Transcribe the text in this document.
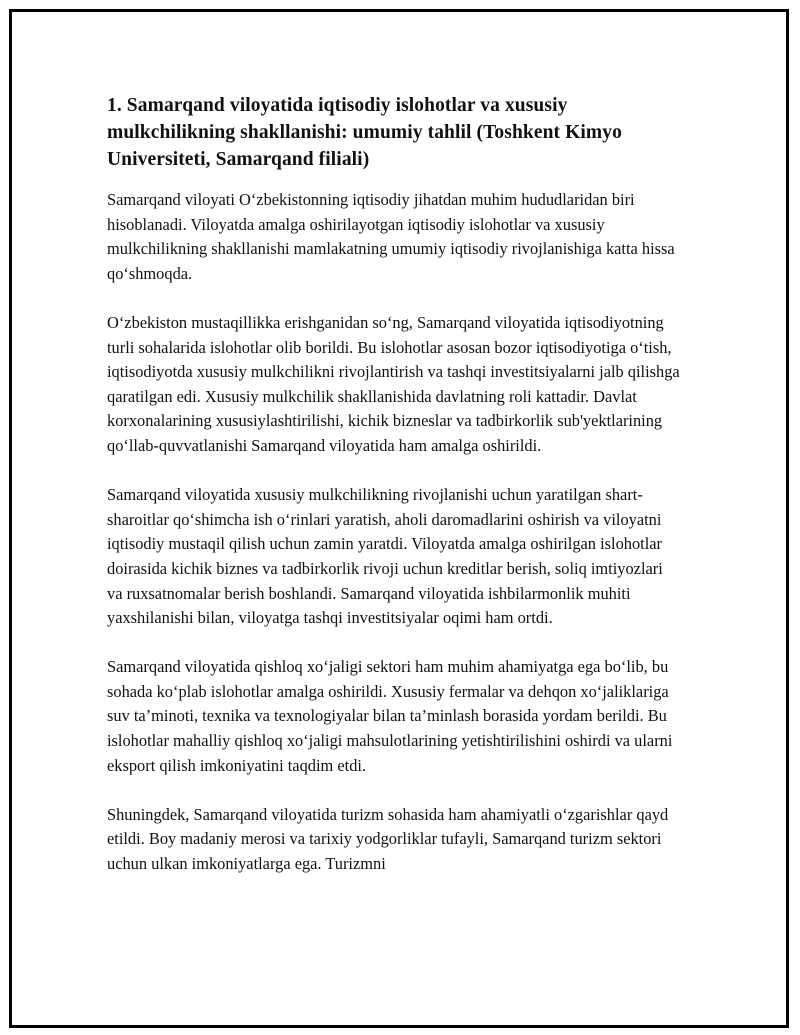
1. Samarqand viloyatida iqtisodiy islohotlar va xususiy mulkchilikning shakllanishi: umumiy tahlil (Toshkent Kimyo Universiteti, Samarqand filiali)

Samarqand viloyati O‘zbekistonning iqtisodiy jihatdan muhim hududlaridan biri hisoblanadi. Viloyatda amalga oshirilayotgan iqtisodiy islohotlar va xususiy mulkchilikning shakllanishi mamlakatning umumiy iqtisodiy rivojlanishiga katta hissa qo‘shmoqda.

O‘zbekiston mustaqillikka erishganidan so‘ng, Samarqand viloyatida iqtisodiyotning turli sohalarida islohotlar olib borildi. Bu islohotlar asosan bozor iqtisodiyotiga o‘tish, iqtisodiyotda xususiy mulkchilikni rivojlantirish va tashqi investitsiyalarni jalb qilishga qaratilgan edi. Xususiy mulkchilik shakllanishida davlatning roli kattadir. Davlat korxonalarining xususiylashtirilishi, kichik bizneslar va tadbirkorlik sub'yektlarining qo‘llab-quvvatlanishi Samarqand viloyatida ham amalga oshirildi.

Samarqand viloyatida xususiy mulkchilikning rivojlanishi uchun yaratilgan shart-sharoitlar qo‘shimcha ish o‘rinlari yaratish, aholi daromadlarini oshirish va viloyatni iqtisodiy mustaqil qilish uchun zamin yaratdi. Viloyatda amalga oshirilgan islohotlar doirasida kichik biznes va tadbirkorlik rivoji uchun kreditlar berish, soliq imtiyozlari va ruxsatnomalar berish boshlandi. Samarqand viloyatida ishbilarmonlik muhiti yaxshilanishi bilan, viloyatga tashqi investitsiyalar oqimi ham ortdi.

Samarqand viloyatida qishloq xo‘jaligi sektori ham muhim ahamiyatga ega bo‘lib, bu sohada ko‘plab islohotlar amalga oshirildi. Xususiy fermalar va dehqon xo‘jaliklariga suv ta’minoti, texnika va texnologiyalar bilan ta’minlash borasida yordam berildi. Bu islohotlar mahalliy qishloq xo‘jaligi mahsulotlarining yetishtirilishini oshirdi va ularni eksport qilish imkoniyatini taqdim etdi.

Shuningdek, Samarqand viloyatida turizm sohasida ham ahamiyatli o‘zgarishlar qayd etildi. Boy madaniy merosi va tarixiy yodgorliklar tufayli, Samarqand turizm sektori uchun ulkan imkoniyatlarga ega. Turizmni
